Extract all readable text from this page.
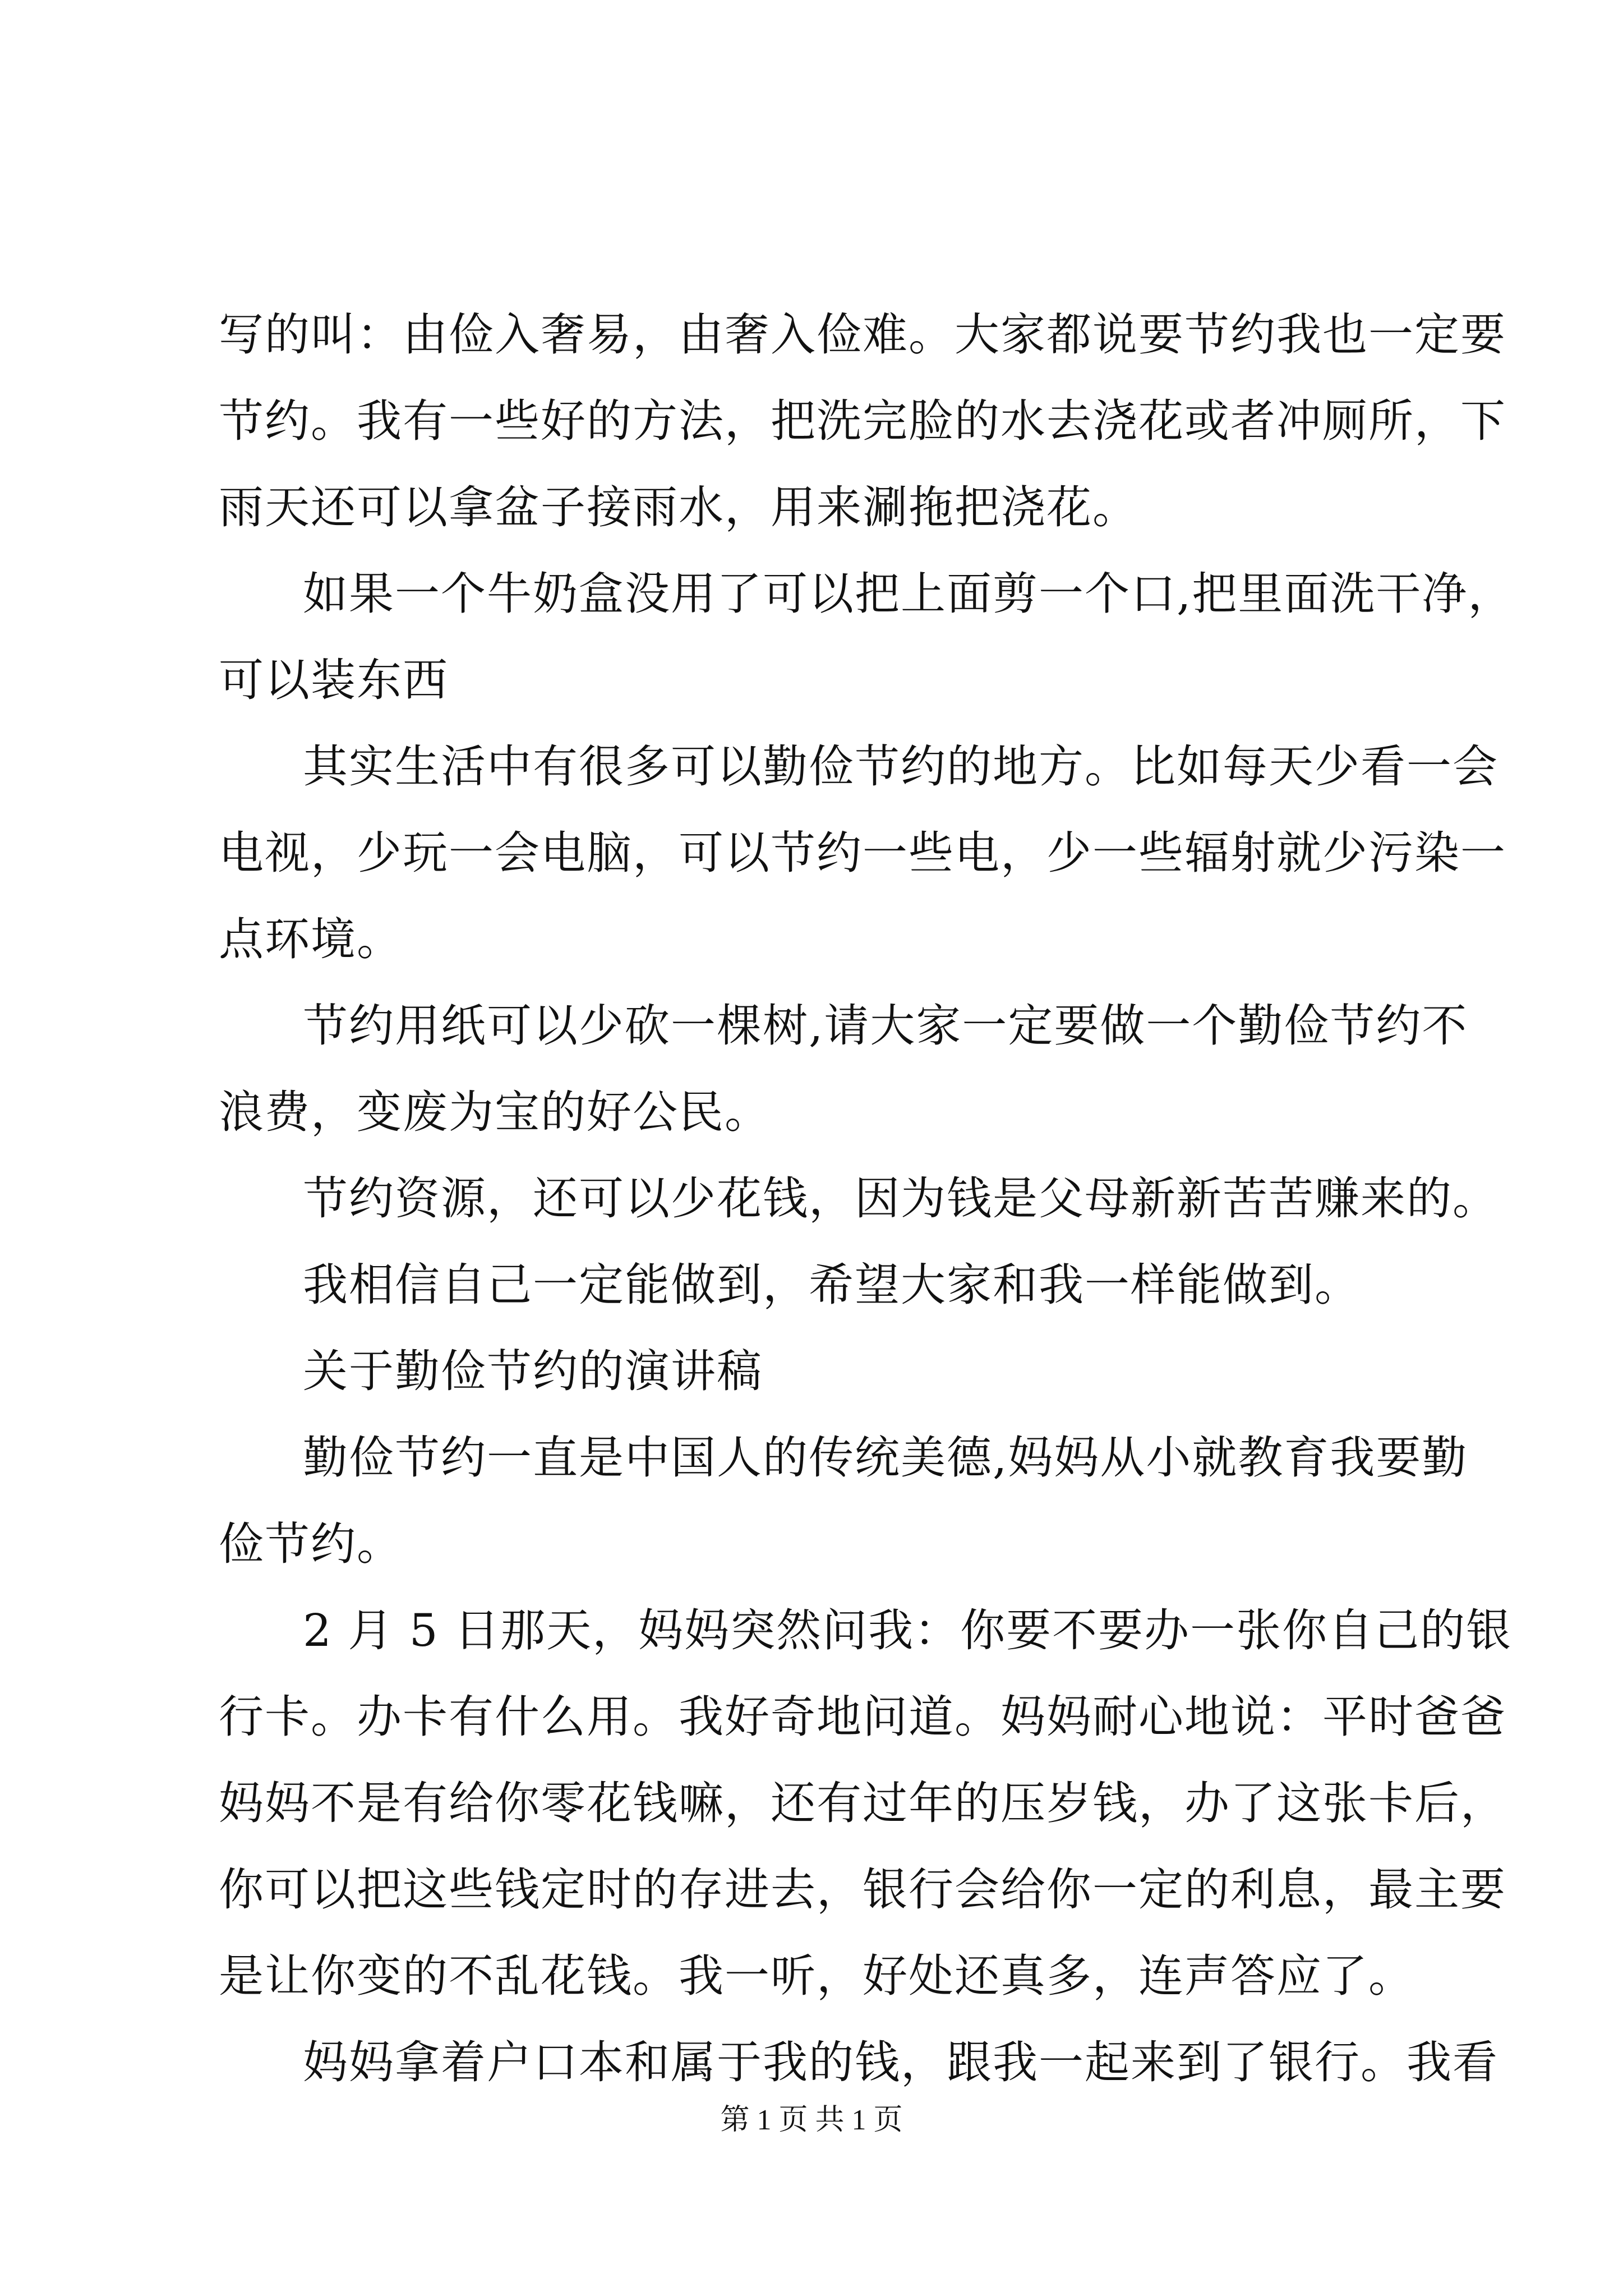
写的叫：由俭入奢易，由奢入俭难。大家都说要节约我也一定要
节约。我有一些好的方法，把洗完脸的水去浇花或者冲厕所，下
雨天还可以拿盆子接雨水，用来涮拖把浇花。
如果一个牛奶盒没用了可以把上面剪一个口,把里面洗干净，
可以装东西
其实生活中有很多可以勤俭节约的地方。比如每天少看一会
电视，少玩一会电脑，可以节约一些电，少一些辐射就少污染一
点环境。
节约用纸可以少砍一棵树,请大家一定要做一个勤俭节约不
浪费，变废为宝的好公民。
节约资源，还可以少花钱，因为钱是父母新新苦苦赚来的。
我相信自己一定能做到，希望大家和我一样能做到。
关于勤俭节约的演讲稿
勤俭节约一直是中国人的传统美德,妈妈从小就教育我要勤
俭节约。
2 月 5 日那天，妈妈突然问我：你要不要办一张你自己的银
行卡。办卡有什么用。我好奇地问道。妈妈耐心地说：平时爸爸
妈妈不是有给你零花钱嘛，还有过年的压岁钱，办了这张卡后，
你可以把这些钱定时的存进去，银行会给你一定的利息，最主要
是让你变的不乱花钱。我一听，好处还真多，连声答应了。
妈妈拿着户口本和属于我的钱，跟我一起来到了银行。我看
第 1 页 共 1 页
